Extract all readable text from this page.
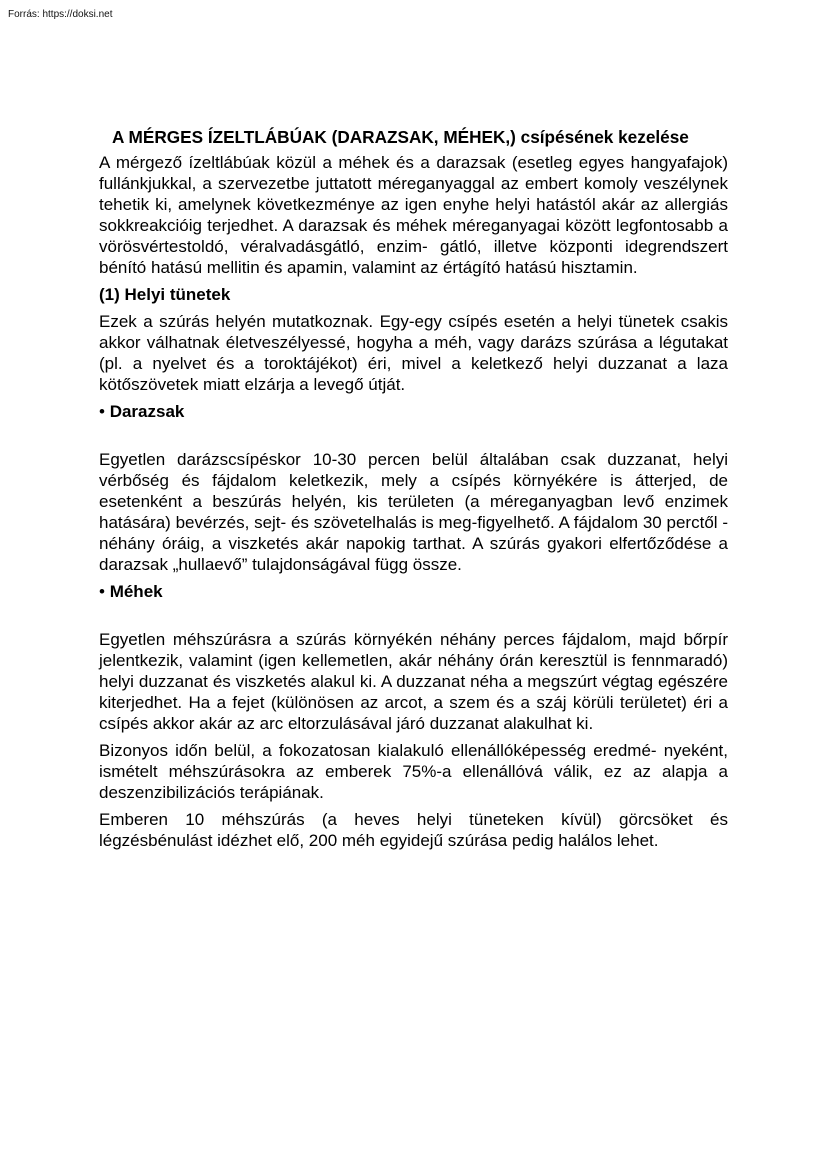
Forrás: https://doksi.net
A MÉRGES ÍZELTLÁBÚAK (DARAZSAK, MÉHEK,) csípésének kezelése

A mérgező ízeltlábúak közül a méhek és a darazsak (esetleg egyes hangyafajok) fullánkjukkal, a szervezetbe juttatott méreganyaggal az embert komoly veszélynek tehetik ki, amelynek következménye az igen enyhe helyi hatástól akár az allergiás sokkreakcióig terjedhet. A darazsak és méhek méreganyagai között legfontosabb a vörösvértestoldó, véralvadásgátló, enzim- gátló, illetve központi idegrendszert bénító hatású mellitin és apamin, valamint az értágító hatású hisztamin.

(1) Helyi tünetek

Ezek a szúrás helyén mutatkoznak. Egy-egy csípés esetén a helyi tünetek csakis akkor válhatnak életveszélyessé, hogyha a méh, vagy darázs szúrása a légutakat (pl. a nyelvet és a toroktájékot) éri, mivel a keletkező helyi duzzanat a laza kötőszövetek miatt elzárja a levegő útját.

• Darazsak

Egyetlen darázscsípéskor 10-30 percen belül általában csak duzzanat, helyi vérbőség és fájdalom keletkezik, mely a csípés környékére is átterjed, de esetenként a beszúrás helyén, kis területen (a méreganyagban levő enzimek hatására) bevérzés, sejt- és szövetelhalás is meg-figyelhető. A fájdalom 30 perctől - néhány óráig, a viszketés akár napokig tarthat. A szúrás gyakori elfertőződése a darazsak „hullaevő” tulajdonságával függ össze.

• Méhek

Egyetlen méhszúrásra a szúrás környékén néhány perces fájdalom, majd bőrpír jelentkezik, valamint (igen kellemetlen, akár néhány órán keresztül is fennmaradó) helyi duzzanat és viszketés alakul ki. A duzzanat néha a megszúrt végtag egészére kiterjedhet. Ha a fejet (különösen az arcot, a szem és a száj körüli területet) éri a csípés akkor akár az arc eltorzulásával járó duzzanat alakulhat ki.

Bizonyos időn belül, a fokozatosan kialakuló ellenállóképesség eredmé- nyeként, ismételt méhszúrásokra az emberek 75%-a ellenállóvá válik, ez az alapja a deszenzibilizációs terápiának.

Emberen 10 méhszúrás (a heves helyi tüneteken kívül) görcsöket és légzésbénulást idézhet elő, 200 méh egyidejű szúrása pedig halálos lehet.
